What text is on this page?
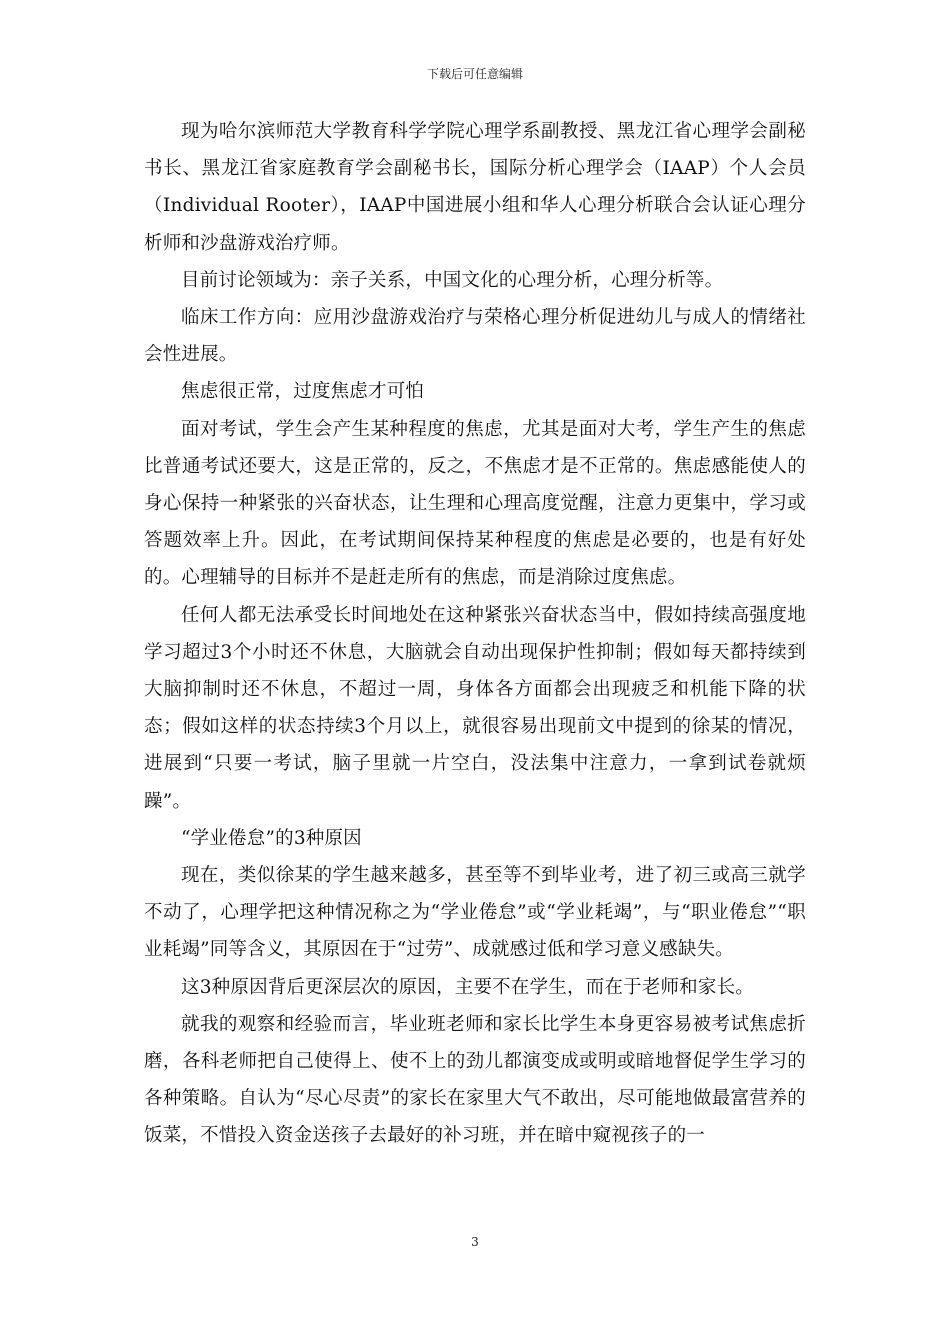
下载后可任意编辑

现为哈尔滨师范大学教育科学学院心理学系副教授、黑龙江省心理学会副秘书长、黑龙江省家庭教育学会副秘书长，国际分析心理学会（IAAP）个人会员（Individual Rooter），IAAP中国进展小组和华人心理分析联合会认证心理分析师和沙盘游戏治疗师。

目前讨论领域为：亲子关系，中国文化的心理分析，心理分析等。

临床工作方向：应用沙盘游戏治疗与荣格心理分析促进幼儿与成人的情绪社会性进展。

焦虑很正常，过度焦虑才可怕

面对考试，学生会产生某种程度的焦虑，尤其是面对大考，学生产生的焦虑比普通考试还要大，这是正常的，反之，不焦虑才是不正常的。焦虑感能使人的身心保持一种紧张的兴奋状态，让生理和心理高度觉醒，注意力更集中，学习或答题效率上升。因此，在考试期间保持某种程度的焦虑是必要的，也是有好处的。心理辅导的目标并不是赶走所有的焦虑，而是消除过度焦虑。

任何人都无法承受长时间地处在这种紧张兴奋状态当中，假如持续高强度地学习超过3个小时还不休息，大脑就会自动出现保护性抑制；假如每天都持续到大脑抑制时还不休息，不超过一周，身体各方面都会出现疲乏和机能下降的状态；假如这样的状态持续3个月以上，就很容易出现前文中提到的徐某的情况，进展到“只要一考试，脑子里就一片空白，没法集中注意力，一拿到试卷就烦躁”。

“学业倦怠”的3种原因

现在，类似徐某的学生越来越多，甚至等不到毕业考，进了初三或高三就学不动了，心理学把这种情况称之为“学业倦怠”或“学业耗竭”，与“职业倦怠”“职业耗竭”同等含义，其原因在于“过劳”、成就感过低和学习意义感缺失。

这3种原因背后更深层次的原因，主要不在学生，而在于老师和家长。

就我的观察和经验而言，毕业班老师和家长比学生本身更容易被考试焦虑折磨，各科老师把自己使得上、使不上的劲儿都演变成或明或暗地督促学生学习的各种策略。自认为“尽心尽责”的家长在家里大气不敢出，尽可能地做最富营养的饭菜，不惜投入资金送孩子去最好的补习班，并在暗中窥视孩子的一

3
